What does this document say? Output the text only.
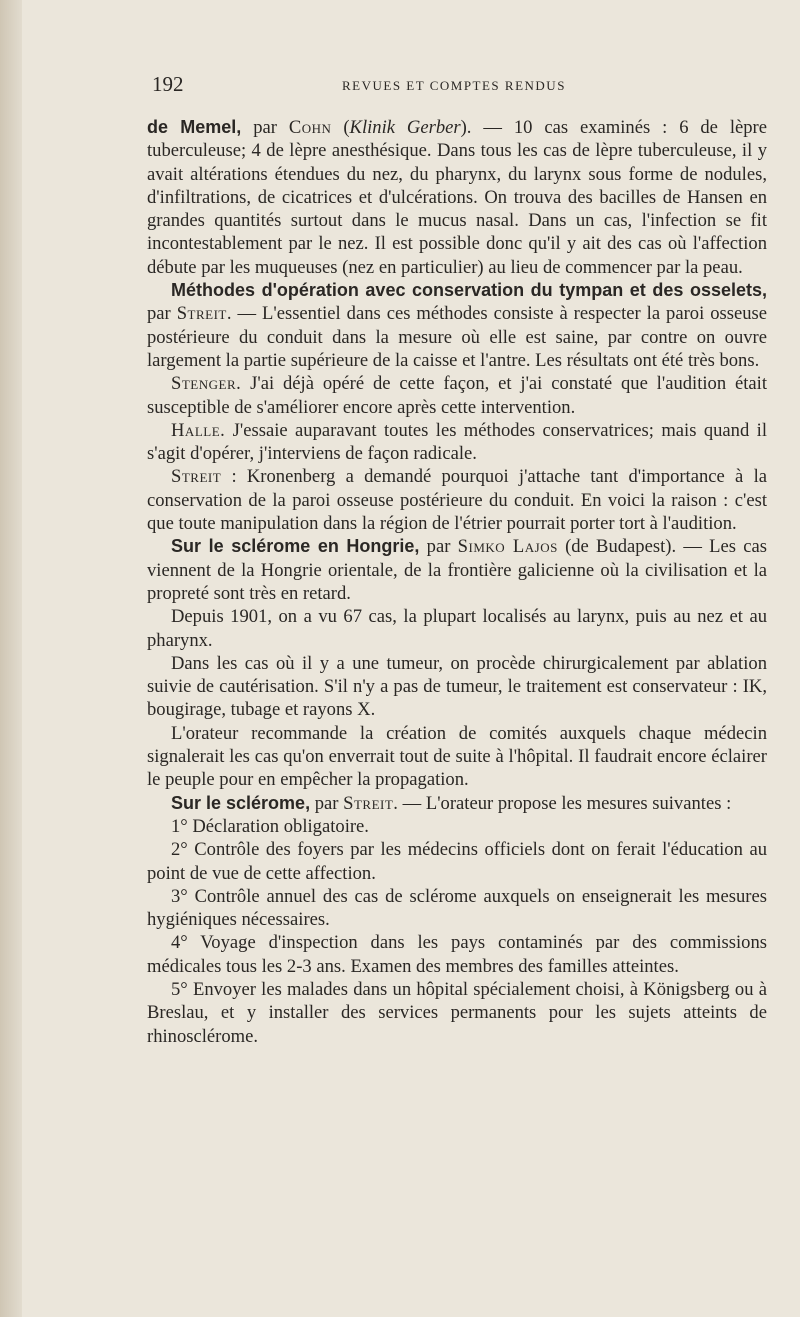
192	REVUES ET COMPTES RENDUS

de Memel, par Cohn (Klinik Gerber). — 10 cas examinés : 6 de lèpre tuberculeuse; 4 de lèpre anesthésique. Dans tous les cas de lèpre tuberculeuse, il y avait altérations étendues du nez, du pharynx, du larynx sous forme de nodules, d'infiltrations, de cicatrices et d'ulcérations. On trouva des bacilles de Hansen en grandes quantités surtout dans le mucus nasal. Dans un cas, l'infection se fit incontestablement par le nez. Il est possible donc qu'il y ait des cas où l'affection débute par les muqueuses (nez en particulier) au lieu de commencer par la peau.

Méthodes d'opération avec conservation du tympan et des osselets, par Streit. — L'essentiel dans ces méthodes consiste à respecter la paroi osseuse postérieure du conduit dans la mesure où elle est saine, par contre on ouvre largement la partie supérieure de la caisse et l'antre. Les résultats ont été très bons.

Stenger. J'ai déjà opéré de cette façon, et j'ai constaté que l'audition était susceptible de s'améliorer encore après cette intervention.

Halle. J'essaie auparavant toutes les méthodes conservatrices; mais quand il s'agit d'opérer, j'interviens de façon radicale.

Streit : Kronenberg a demandé pourquoi j'attache tant d'importance à la conservation de la paroi osseuse postérieure du conduit. En voici la raison : c'est que toute manipulation dans la région de l'étrier pourrait porter tort à l'audition.

Sur le sclérome en Hongrie, par Simko Lajos (de Budapest). — Les cas viennent de la Hongrie orientale, de la frontière galicienne où la civilisation et la propreté sont très en retard.

Depuis 1901, on a vu 67 cas, la plupart localisés au larynx, puis au nez et au pharynx.

Dans les cas où il y a une tumeur, on procède chirurgicalement par ablation suivie de cautérisation. S'il n'y a pas de tumeur, le traitement est conservateur : IK, bougirage, tubage et rayons X.

L'orateur recommande la création de comités auxquels chaque médecin signalerait les cas qu'on enverrait tout de suite à l'hôpital. Il faudrait encore éclairer le peuple pour en empêcher la propagation.

Sur le sclérome, par Streit. — L'orateur propose les mesures suivantes :

1° Déclaration obligatoire.

2° Contrôle des foyers par les médecins officiels dont on ferait l'éducation au point de vue de cette affection.

3° Contrôle annuel des cas de sclérome auxquels on enseignerait les mesures hygiéniques nécessaires.

4° Voyage d'inspection dans les pays contaminés par des commissions médicales tous les 2-3 ans. Examen des membres des familles atteintes.

5° Envoyer les malades dans un hôpital spécialement choisi, à Königsberg ou à Breslau, et y installer des services permanents pour les sujets atteints de rhinosclérome.
